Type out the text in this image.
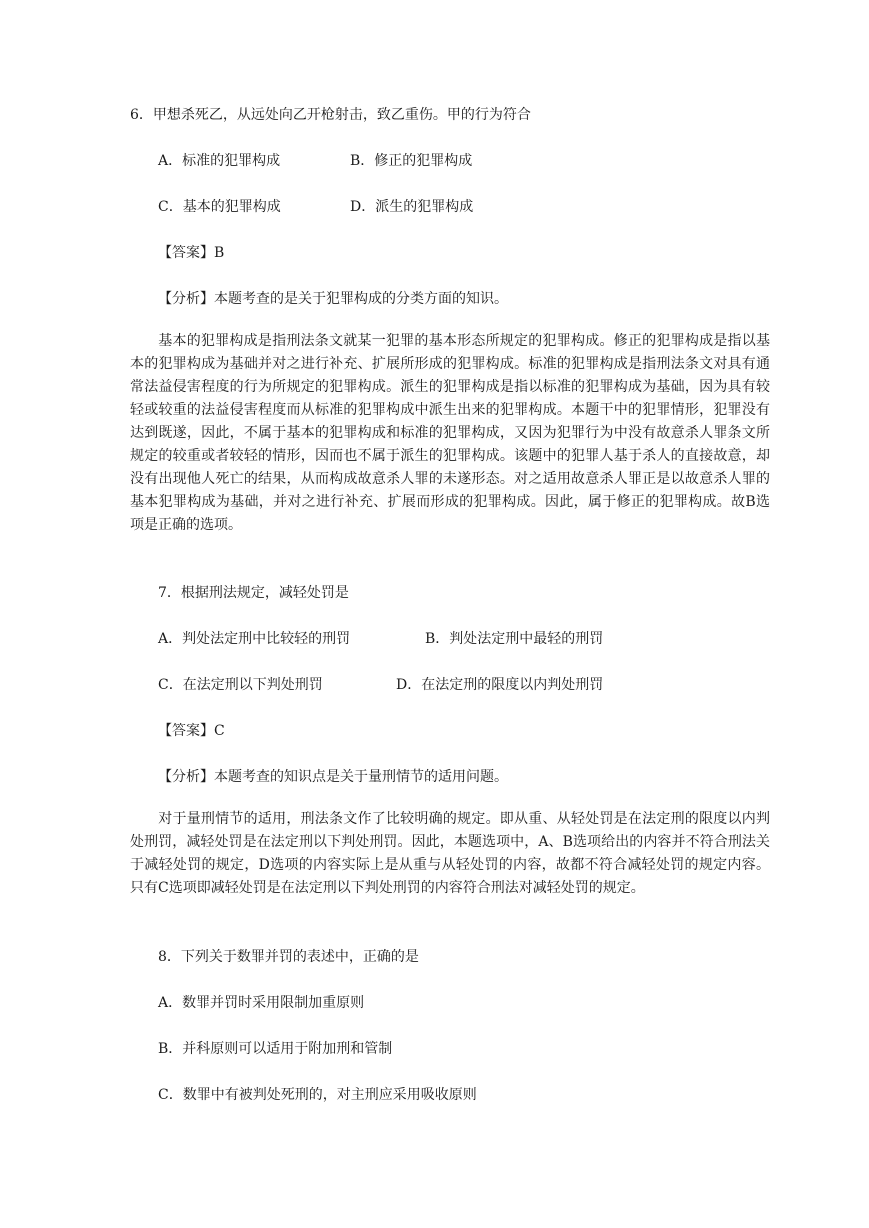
6．甲想杀死乙，从远处向乙开枪射击，致乙重伤。甲的行为符合
A．标准的犯罪构成	B．修正的犯罪构成
C．基本的犯罪构成	D．派生的犯罪构成
【答案】B
【分析】本题考查的是关于犯罪构成的分类方面的知识。
基本的犯罪构成是指刑法条文就某一犯罪的基本形态所规定的犯罪构成。修正的犯罪构成是指以基本的犯罪构成为基础并对之进行补充、扩展所形成的犯罪构成。标准的犯罪构成是指刑法条文对具有通常法益侵害程度的行为所规定的犯罪构成。派生的犯罪构成是指以标准的犯罪构成为基础，因为具有较轻或较重的法益侵害程度而从标准的犯罪构成中派生出来的犯罪构成。本题干中的犯罪情形，犯罪没有达到既遂，因此，不属于基本的犯罪构成和标准的犯罪构成，又因为犯罪行为中没有故意杀人罪条文所规定的较重或者较轻的情形，因而也不属于派生的犯罪构成。该题中的犯罪人基于杀人的直接故意，却没有出现他人死亡的结果，从而构成故意杀人罪的未遂形态。对之适用故意杀人罪正是以故意杀人罪的基本犯罪构成为基础，并对之进行补充、扩展而形成的犯罪构成。因此，属于修正的犯罪构成。故B选项是正确的选项。
7．根据刑法规定，减轻处罚是
A．判处法定刑中比较轻的刑罚	B．判处法定刑中最轻的刑罚
C．在法定刑以下判处刑罚	D．在法定刑的限度以内判处刑罚
【答案】C
【分析】本题考查的知识点是关于量刑情节的适用问题。
对于量刑情节的适用，刑法条文作了比较明确的规定。即从重、从轻处罚是在法定刑的限度以内判处刑罚，减轻处罚是在法定刑以下判处刑罚。因此，本题选项中，A、B选项给出的内容并不符合刑法关于减轻处罚的规定，D选项的内容实际上是从重与从轻处罚的内容，故都不符合减轻处罚的规定内容。只有C选项即减轻处罚是在法定刑以下判处刑罚的内容符合刑法对减轻处罚的规定。
8．下列关于数罪并罚的表述中，正确的是
A．数罪并罚时采用限制加重原则
B．并科原则可以适用于附加刑和管制
C．数罪中有被判处死刑的，对主刑应采用吸收原则
